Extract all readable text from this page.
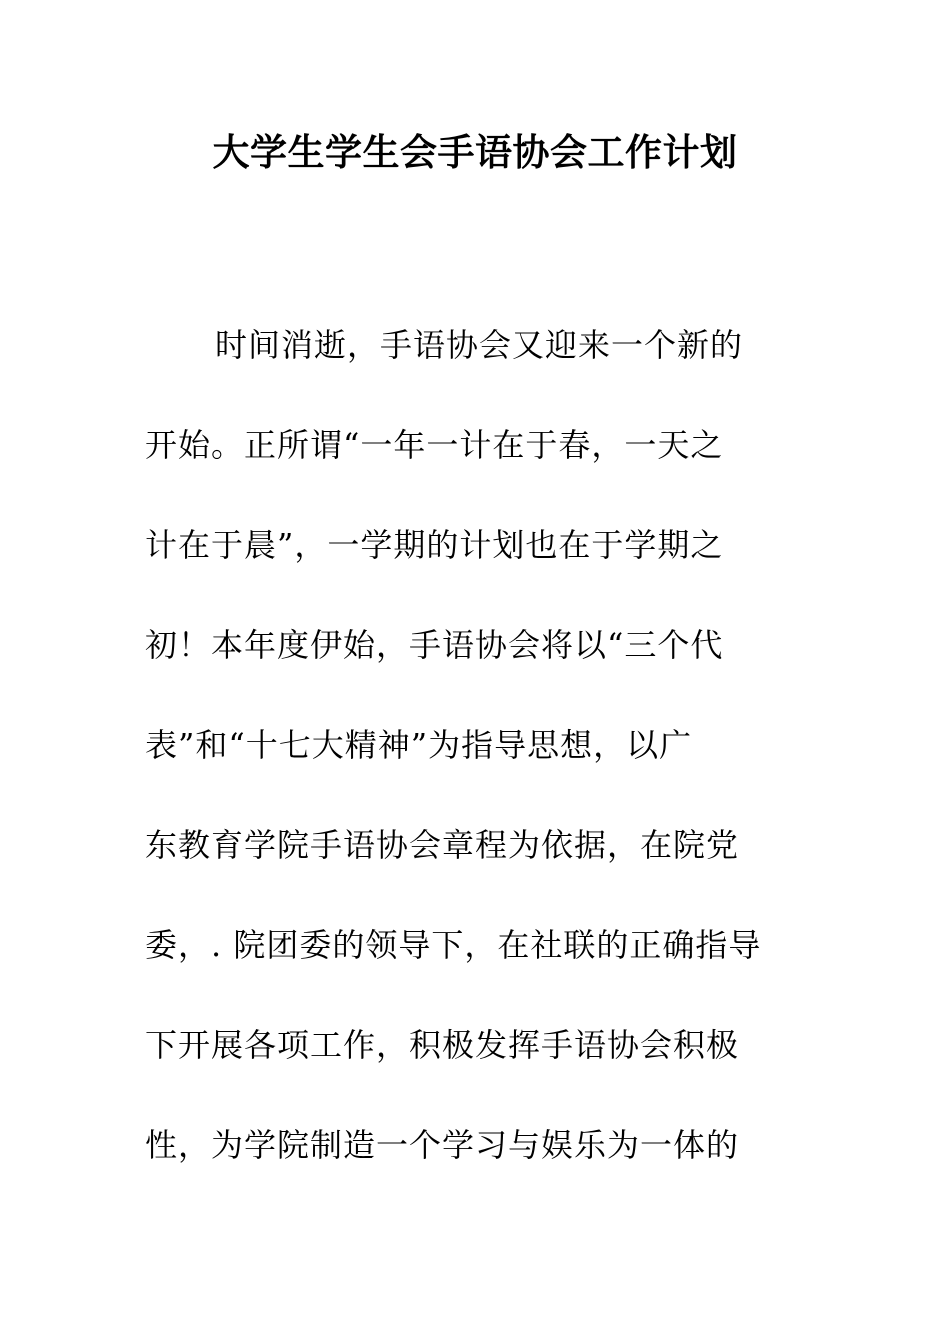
大学生学生会手语协会工作计划
时间消逝，手语协会又迎来一个新的
开始。正所谓“一年一计在于春，一天之
计在于晨”，一学期的计划也在于学期之
初！本年度伊始，手语协会将以“三个代
表”和“十七大精神”为指导思想，以广
东教育学院手语协会章程为依据，在院党
委，. 院团委的领导下，在社联的正确指导
下开展各项工作，积极发挥手语协会积极
性，为学院制造一个学习与娱乐为一体的
